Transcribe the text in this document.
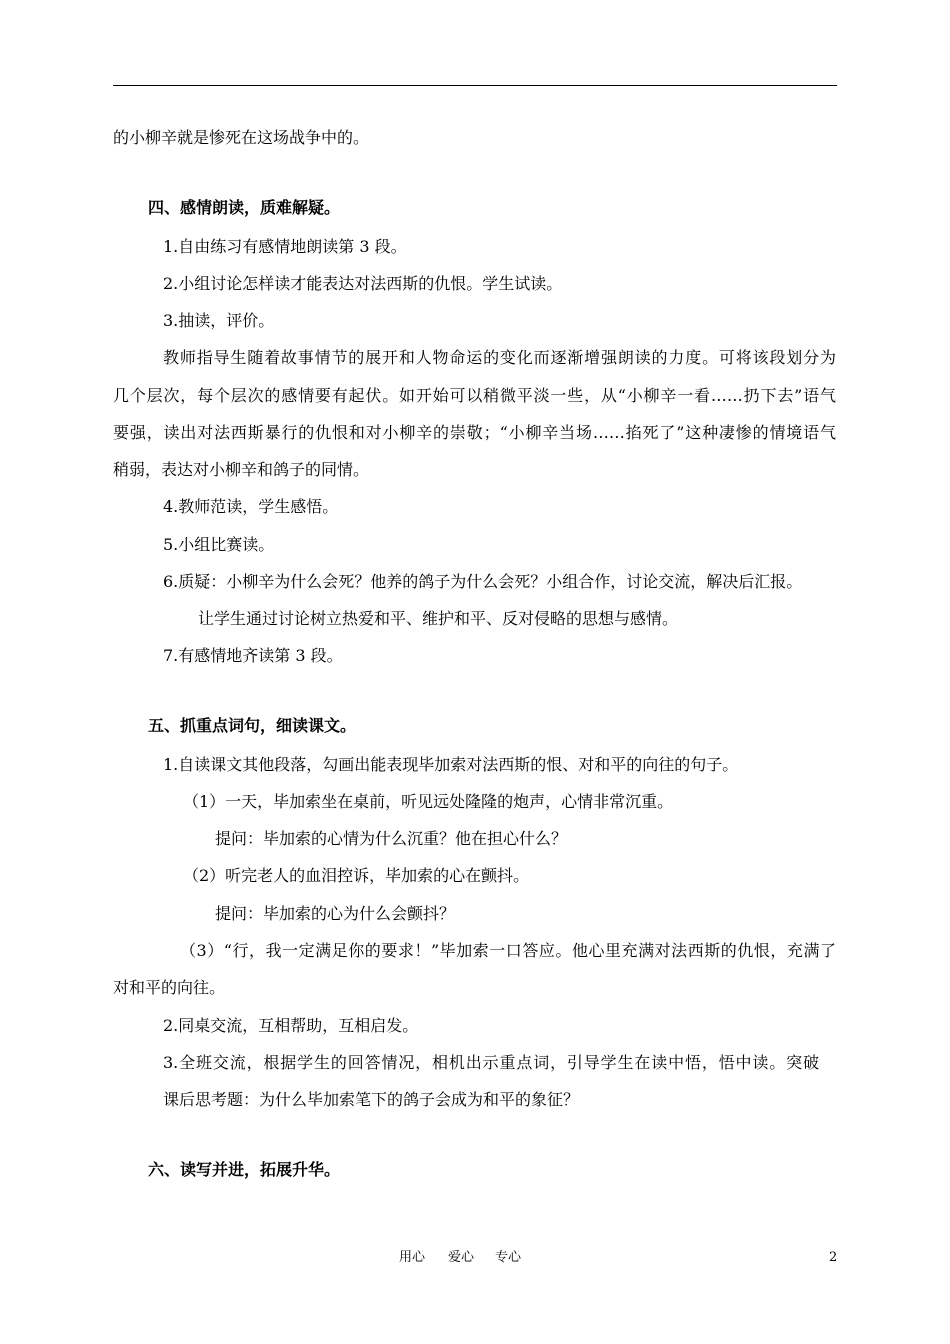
的小柳辛就是惨死在这场战争中的。
四、感情朗读，质难解疑。
1.自由练习有感情地朗读第 3 段。
2.小组讨论怎样读才能表达对法西斯的仇恨。学生试读。
3.抽读，评价。
教师指导生随着故事情节的展开和人物命运的变化而逐渐增强朗读的力度。可将该段划分为
几个层次，每个层次的感情要有起伏。如开始可以稍微平淡一些，从“小柳辛一看……扔下去”语气
要强，读出对法西斯暴行的仇恨和对小柳辛的崇敬；“小柳辛当场……掐死了”这种凄惨的情境语气
稍弱，表达对小柳辛和鸽子的同情。
4.教师范读，学生感悟。
5.小组比赛读。
6.质疑：小柳辛为什么会死？他养的鸽子为什么会死？小组合作，讨论交流，解决后汇报。
让学生通过讨论树立热爱和平、维护和平、反对侵略的思想与感情。
7.有感情地齐读第 3 段。
五、抓重点词句，细读课文。
1.自读课文其他段落，勾画出能表现毕加索对法西斯的恨、对和平的向往的句子。
（1）一天，毕加索坐在桌前，听见远处隆隆的炮声，心情非常沉重。
提问：毕加索的心情为什么沉重？他在担心什么？
（2）听完老人的血泪控诉，毕加索的心在颤抖。
提问：毕加索的心为什么会颤抖？
（3）“行，我一定满足你的要求！”毕加索一口答应。他心里充满对法西斯的仇恨，充满了
对和平的向往。
2.同桌交流，互相帮助，互相启发。
3.全班交流，根据学生的回答情况，相机出示重点词，引导学生在读中悟，悟中读。突破
课后思考题：为什么毕加索笔下的鸽子会成为和平的象征？
六、读写并进，拓展升华。
用心 爱心 专心	2
